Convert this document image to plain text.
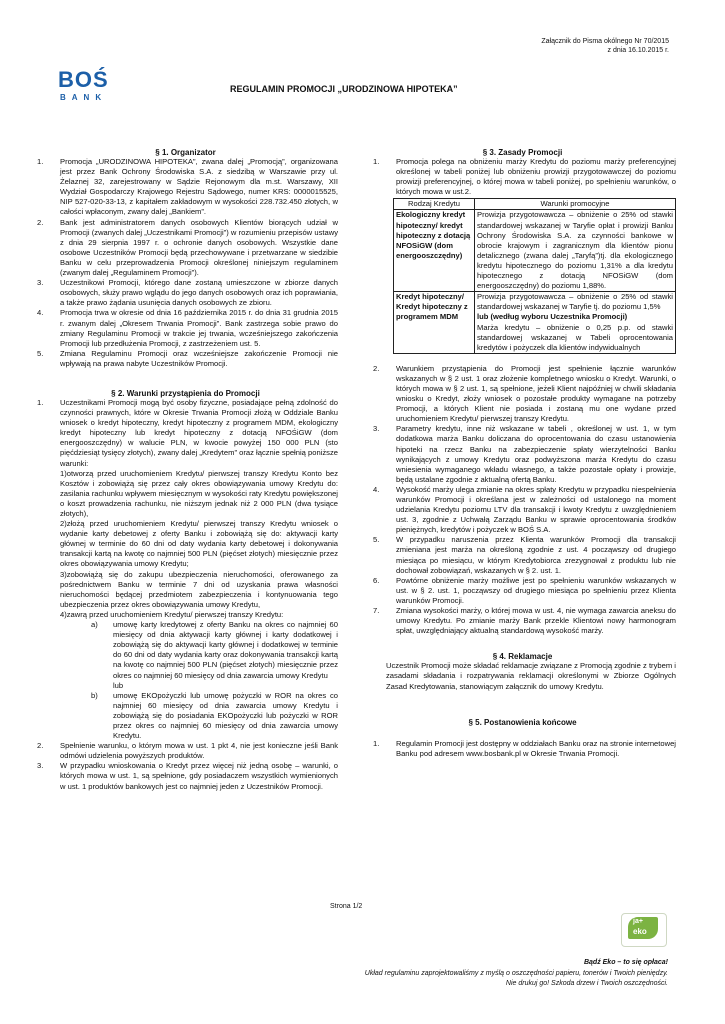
Załącznik do Pisma okólnego Nr 70/2015
z dnia 16.10.2015 r.
BOŚ
BANK
REGULAMIN PROMOCJI „URODZINOWA HIPOTEKA”

§ 1. Organizator

1. Promocja „URODZINOWA HIPOTEKA”, zwana dalej „Promocją”, organizowana jest przez Bank Ochrony Środowiska S.A. z siedzibą w Warszawie przy ul. Żelaznej 32, zarejestrowany w Sądzie Rejonowym dla m.st. Warszawy, XII Wydział Gospodarczy Krajowego Rejestru Sądowego, numer KRS: 0000015525, NIP 527-020-33-13, z kapitałem zakładowym w wysokości 228.732.450 złotych, w całości wpłaconym, zwany dalej „Bankiem”.
2. Bank jest administratorem danych osobowych Klientów biorących udział w Promocji (zwanych dalej „Uczestnikami Promocji”) w rozumieniu przepisów ustawy z dnia 29 sierpnia 1997 r. o ochronie danych osobowych. Wszystkie dane osobowe Uczestników Promocji będą przechowywane i przetwarzane w siedzibie Banku w celu przeprowadzenia Promocji określonej niniejszym regulaminem (zwanym dalej „Regulaminem Promocji”).
3. Uczestnikowi Promocji, którego dane zostaną umieszczone w zbiorze danych osobowych, służy prawo wglądu do jego danych osobowych oraz ich poprawiania, a także prawo żądania usunięcia danych osobowych ze zbioru.
4. Promocja trwa w okresie od dnia 16 października 2015 r. do dnia 31 grudnia 2015 r. zwanym dalej „Okresem Trwania Promocji”. Bank zastrzega sobie prawo do zmiany Regulaminu Promocji w trakcie jej trwania, wcześniejszego zakończenia Promocji lub przedłużenia Promocji, z zastrzeżeniem ust. 5.
5. Zmiana Regulaminu Promocji oraz wcześniejsze zakończenie Promocji nie wpływają na prawa nabyte Uczestników Promocji.

§ 2. Warunki przystąpienia do Promocji

1. Uczestnikami Promocji mogą być osoby fizyczne, posiadające pełną zdolność do czynności prawnych, które w Okresie Trwania Promocji złożą w Oddziale Banku wniosek o kredyt hipoteczny, kredyt hipoteczny z programem MDM, ekologiczny kredyt hipoteczny lub kredyt hipoteczny z dotacją NFOŚiGW (dom energooszczędny) w walucie PLN, w kwocie powyżej 150 000 PLN (sto pięćdziesiąt tysięcy złotych), zwany dalej „Kredytem” oraz łącznie spełnią poniższe warunki:
1)otworzą przed uruchomieniem Kredytu/ pierwszej transzy Kredytu Konto bez Kosztów i zobowiążą się przez cały okres obowiązywania umowy Kredytu do: zasilania rachunku wpływem miesięcznym w wysokości raty Kredytu powiększonej o koszt prowadzenia rachunku, nie niższym jednak niż 2 000 PLN (dwa tysiące złotych),
2)złożą przed uruchomieniem Kredytu/ pierwszej transzy Kredytu wniosek o wydanie karty debetowej z oferty Banku i zobowiążą się do: aktywacji karty głównej w terminie do 60 dni od daty wydania karty debetowej i dokonywania transakcji kartą na kwotę co najmniej 500 PLN (pięćset złotych) miesięcznie przez okres obowiązywania umowy Kredytu;
3)zobowiążą się do zakupu ubezpieczenia nieruchomości, oferowanego za pośrednictwem Banku w terminie 7 dni od uzyskania prawa własności nieruchomości będącej przedmiotem zabezpieczenia i kontynuowania tego ubezpieczenia przez okres obowiązywania umowy Kredytu,
4)zawrą przed uruchomieniem Kredytu/ pierwszej transzy Kredytu:
a) umowę karty kredytowej z oferty Banku na okres co najmniej 60 miesięcy od dnia aktywacji karty głównej i karty dodatkowej i zobowiążą się do aktywacji karty głównej i dodatkowej w terminie do 60 dni od daty wydania karty oraz dokonywania transakcji kartą na kwotę co najmniej 500 PLN (pięćset złotych) miesięcznie przez okres co najmniej 60 miesięcy od dnia zawarcia umowy Kredytu
lub
b) umowę EKOpożyczki lub umowę pożyczki w ROR na okres co najmniej 60 miesięcy od dnia zawarcia umowy Kredytu i zobowiążą się do posiadania EKOpożyczki lub pożyczki w ROR przez okres co najmniej 60 miesięcy od dnia zawarcia umowy Kredytu.
2. Spełnienie warunku, o którym mowa w ust. 1 pkt 4, nie jest konieczne jeśli Bank odmówi udzielenia powyższych produktów.
3. W przypadku wnioskowania o Kredyt przez więcej niż jedną osobę – warunki, o których mowa w ust. 1, są spełnione, gdy posiadaczem wszystkich wymienionych w ust. 1 produktów bankowych jest co najmniej jeden z Uczestników Promocji.

§ 3. Zasady Promocji

1. Promocja polega na obniżeniu marży Kredytu do poziomu marży preferencyjnej określonej w tabeli poniżej lub obniżeniu prowizji przygotowawczej do poziomu prowizji preferencyjnej, o której mowa w tabeli poniżej, po spełnieniu warunków, o których mowa w ust.2.
Rodzaj Kredytu	Warunki promocyjne
Ekologiczny kredyt hipoteczny/ kredyt hipoteczny z dotacją NFOSiGW (dom energooszczędny)	Prowizja przygotowawcza – obniżenie o 25% od stawki standardowej wskazanej w Taryfie opłat i prowizji Banku Ochrony Środowiska S.A. za czynności bankowe w obrocie krajowym i zagranicznym dla klientów pionu detalicznego (zwana dalej „Taryfą”)tj. dla ekologicznego kredytu hipotecznego do poziomu 1,31% a dla kredytu hipotecznego z dotacją NFOSiGW (dom energooszczędny) do poziomu 1,88%.
Kredyt hipoteczny/ Kredyt hipoteczny z programem MDM	Prowizja przygotowawcza – obniżenie o 25% od stawki standardowej wskazanej w Taryfie tj. do poziomu 1,5%
lub (według wyboru Uczestnika Promocji)
Marża kredytu – obniżenie o 0,25 p.p. od stawki standardowej wskazanej w Tabeli oprocentowania kredytów i pożyczek dla klientów indywidualnych
2. Warunkiem przystąpienia do Promocji jest spełnienie łącznie warunków wskazanych w § 2 ust. 1 oraz złożenie kompletnego wniosku o Kredyt. Warunki, o których mowa w § 2 ust. 1, są spełnione, jeżeli Klient najpóźniej w chwili składania wniosku o Kredyt, złoży wniosek o pozostałe produkty wymagane na potrzeby Promocji, a których Klient nie posiada i zostaną mu one wydane przed uruchomieniem Kredytu/ pierwszej transzy Kredytu.
3. Parametry kredytu, inne niż wskazane w tabeli , określonej w ust. 1, w tym dodatkowa marża Banku doliczana do oprocentowania do czasu ustanowienia hipoteki na rzecz Banku na zabezpieczenie spłaty wierzytelności Banku wynikających z umowy Kredytu oraz podwyższona marża Kredytu do czasu wniesienia wymaganego wkładu własnego, a także pozostałe opłaty i prowizje, będą ustalane zgodnie z aktualną ofertą Banku.
4. Wysokość marży ulega zmianie na okres spłaty Kredytu w przypadku niespełnienia warunków Promocji i określana jest w zależności od ustalonego na moment udzielania Kredytu poziomu LTV dla transakcji i kwoty Kredytu z uwzględnieniem ust. 3, zgodnie z Uchwałą Zarządu Banku w sprawie oprocentowania środków pieniężnych, kredytów i pożyczek w BOŚ S.A.
5. W przypadku naruszenia przez Klienta warunków Promocji dla transakcji zmieniana jest marża na określoną zgodnie z ust. 4 począwszy od drugiego miesiąca po miesiącu, w którym Kredytobiorca zrezygnował z produktu lub nie dochował zobowiązań, wskazanych w § 2. ust. 1.
6. Powtórne obniżenie marży możliwe jest po spełnieniu warunków wskazanych w ust. w § 2. ust. 1, począwszy od drugiego miesiąca po spełnieniu przez Klienta warunków Promocji.
7. Zmiana wysokości marży, o której mowa w ust. 4, nie wymaga zawarcia aneksu do umowy Kredytu. Po zmianie marży Bank przekle Klientowi nowy harmonogram spłat, uwzględniający aktualną standardową wysokość marży.

§ 4. Reklamacje

Uczestnik Promocji może składać reklamacje związane z Promocją zgodnie z trybem i zasadami składania i rozpatrywania reklamacji określonymi w Zbiorze Ogólnych Zasad Kredytowania, stanowiącym załącznik do umowy Kredytu.

§ 5. Postanowienia końcowe

1. Regulamin Promocji jest dostępny w oddziałach Banku oraz na stronie internetowej Banku pod adresem www.bosbank.pl w Okresie Trwania Promocji.
Strona 1/2
ja+
eko
Bądź Eko – to się opłaca!
Układ regulaminu zaprojektowaliśmy z myślą o oszczędności papieru, tonerów i Twoich pieniędzy.
Nie drukuj go! Szkoda drzew i Twoich oszczędności.
